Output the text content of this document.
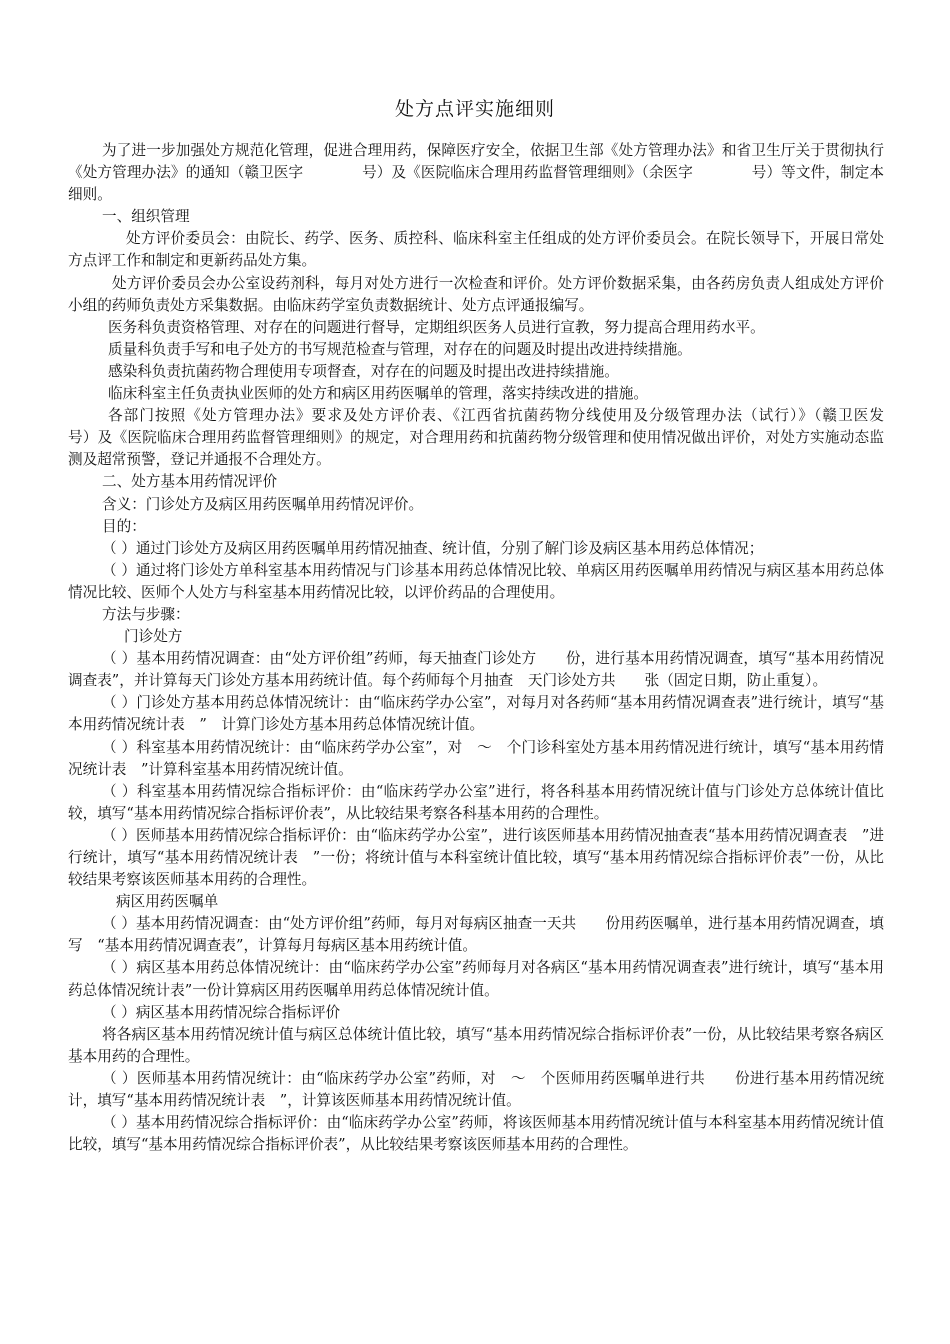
处方点评实施细则

为了进一步加强处方规范化管理，促进合理用药，保障医疗安全，依据卫生部《处方管理办法》和省卫生厅关于贯彻执行《处方管理办法》的通知（赣卫医字　　　　号）及《医院临床合理用药监督管理细则》（余医字　　　　号）等文件，制定本细则。

一、组织管理

处方评价委员会：由院长、药学、医务、质控科、临床科室主任组成的处方评价委员会。在院长领导下，开展日常处方点评工作和制定和更新药品处方集。

处方评价委员会办公室设药剂科，每月对处方进行一次检查和评价。处方评价数据采集，由各药房负责人组成处方评价小组的药师负责处方采集数据。由临床药学室负责数据统计、处方点评通报编写。

医务科负责资格管理、对存在的问题进行督导，定期组织医务人员进行宣教，努力提高合理用药水平。

质量科负责手写和电子处方的书写规范检查与管理，对存在的问题及时提出改进持续措施。

感染科负责抗菌药物合理使用专项督查，对存在的问题及时提出改进持续措施。

临床科室主任负责执业医师的处方和病区用药医嘱单的管理，落实持续改进的措施。

各部门按照《处方管理办法》要求及处方评价表、《江西省抗菌药物分线使用及分级管理办法（试行）》（赣卫医发　　　　号）及《医院临床合理用药监督管理细则》的规定，对合理用药和抗菌药物分级管理和使用情况做出评价，对处方实施动态监测及超常预警，登记并通报不合理处方。

二、处方基本用药情况评价

含义：门诊处方及病区用药医嘱单用药情况评价。

目的：

（ ）通过门诊处方及病区用药医嘱单用药情况抽查、统计值，分别了解门诊及病区基本用药总体情况；

（ ）通过将门诊处方单科室基本用药情况与门诊基本用药总体情况比较、单病区用药医嘱单用药情况与病区基本用药总体情况比较、医师个人处方与科室基本用药情况比较，以评价药品的合理使用。

方法与步骤：

门诊处方

（ ）基本用药情况调查：由“处方评价组”药师，每天抽查门诊处方　　份，进行基本用药情况调查，填写“基本用药情况调查表”，并计算每天门诊处方基本用药统计值。每个药师每个月抽查　天门诊处方共　　张（固定日期，防止重复）。

（ ）门诊处方基本用药总体情况统计：由“临床药学办公室”，对每月对各药师“基本用药情况调查表”进行统计，填写“基本用药情况统计表　”　计算门诊处方基本用药总体情况统计值。

（ ）科室基本用药情况统计：由“临床药学办公室”，对　～　个门诊科室处方基本用药情况进行统计，填写“基本用药情况统计表　”计算科室基本用药情况统计值。

（ ）科室基本用药情况综合指标评价：由“临床药学办公室”进行，将各科基本用药情况统计值与门诊处方总体统计值比较，填写“基本用药情况综合指标评价表”，从比较结果考察各科基本用药的合理性。

（ ）医师基本用药情况综合指标评价：由“临床药学办公室”，进行该医师基本用药情况抽查表“基本用药情况调查表　”进行统计，填写“基本用药情况统计表　”一份；将统计值与本科室统计值比较，填写“基本用药情况综合指标评价表”一份，从比较结果考察该医师基本用药的合理性。

病区用药医嘱单

（ ）基本用药情况调查：由“处方评价组”药师，每月对每病区抽查一天共　　份用药医嘱单，进行基本用药情况调查，填写　“基本用药情况调查表”，计算每月每病区基本用药统计值。

（ ）病区基本用药总体情况统计：由“临床药学办公室”药师每月对各病区“基本用药情况调查表”进行统计，填写“基本用药总体情况统计表”一份计算病区用药医嘱单用药总体情况统计值。

（ ）病区基本用药情况综合指标评价

将各病区基本用药情况统计值与病区总体统计值比较，填写“基本用药情况综合指标评价表”一份，从比较结果考察各病区基本用药的合理性。

（ ）医师基本用药情况统计：由“临床药学办公室”药师，对　～　个医师用药医嘱单进行共　　份进行基本用药情况统计，填写“基本用药情况统计表　”，计算该医师基本用药情况统计值。

（ ）基本用药情况综合指标评价：由“临床药学办公室”药师，将该医师基本用药情况统计值与本科室基本用药情况统计值比较，填写“基本用药情况综合指标评价表”，从比较结果考察该医师基本用药的合理性。
